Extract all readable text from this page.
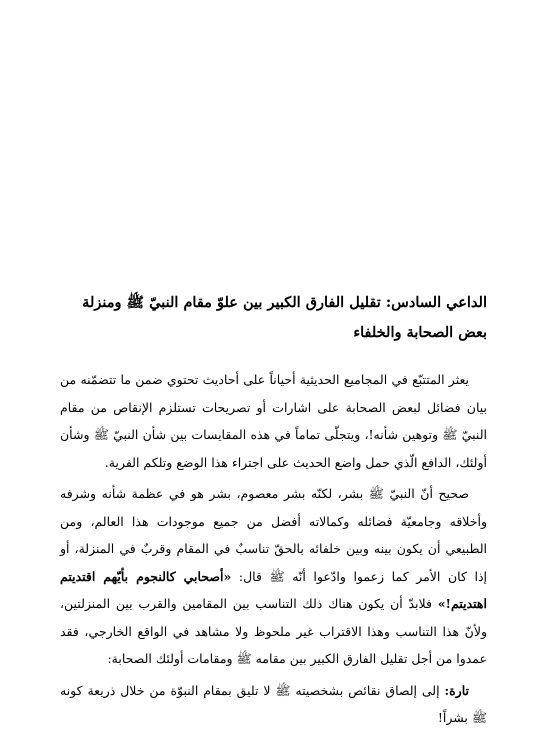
الداعي السادس: تقليل الفارق الكبير بين علوّ مقام النبيّ ﷺ ومنزلة بعض الصحابة والخلفاء

يعثر المتتبّع في المجاميع الحديثية أحياناً على أحاديث تحتوي ضمن ما تتضمّنه من بيان فضائل لبعض الصحابة على اشارات أو تصريحات تستلزم الإنقاص من مقام النبيّ ﷺ وتوهين شأنه!، ويتجلّى تماماً في هذه المقايسات بين شأن النبيّ ﷺ وشأن أولئك، الدافع الّذي حمل واضع الحديث على اجتراء هذا الوضع وتلكم الفرية.

صحيح أنّ النبيّ ﷺ بشر، لكنّه بشر معصوم، بشر هو في عظمة شأنه وشرفه وأخلاقه وجامعيّة فضائله وكمالاته أفضل من جميع موجودات هذا العالم، ومن الطبيعي أن يكون بينه وبين خلفائه بالحقّ تناسبٌ في المقام وقربٌ في المنزلة، أو إذا كان الأمر كما زعموا وادّعوا أنّه ﷺ قال: «أصحابي كالنجوم بأيّهم اقتديتم اهتديتم!» فلابدّ أن يكون هناك ذلك التناسب بين المقامين والقرب بين المنزلتين، ولأنّ هذا التناسب وهذا الاقتراب غير ملحوظ ولا مشاهد في الواقع الخارجي، فقد عمدوا من أجل تقليل الفارق الكبير بين مقامه ﷺ ومقامات أولئك الصحابة:

تارة: إلى إلصاق نقائص بشخصيته ﷺ لا تليق بمقام النبوّة من خلال ذريعة كونه ﷺ بشراً!
